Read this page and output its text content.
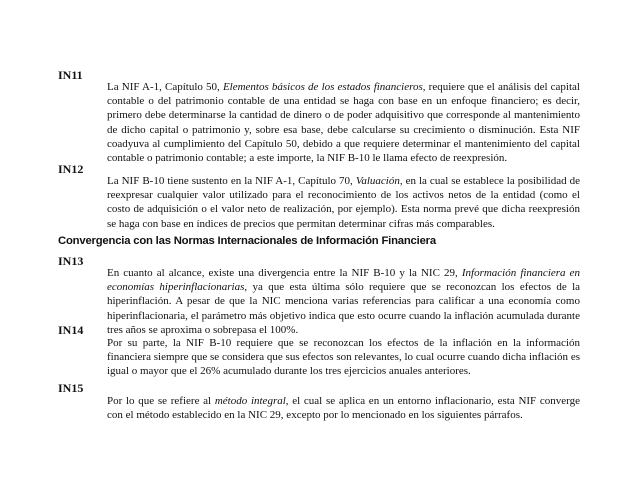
IN11
La NIF A-1, Capítulo 50, Elementos básicos de los estados financieros, requiere que el análisis del capital contable o del patrimonio contable de una entidad se haga con base en un enfoque financiero; es decir, primero debe determinarse la cantidad de dinero o de poder adquisitivo que corresponde al mantenimiento de dicho capital o patrimonio y, sobre esa base, debe calcularse su crecimiento o disminución. Esta NIF coadyuva al cumplimiento del Capítulo 50, debido a que requiere determinar el mantenimiento del capital contable o patrimonio contable; a este importe, la NIF B-10 le llama efecto de reexpresión.
IN12
La NIF B-10 tiene sustento en la NIF A-1, Capítulo 70, Valuación, en la cual se establece la posibilidad de reexpresar cualquier valor utilizado para el reconocimiento de los activos netos de la entidad (como el costo de adquisición o el valor neto de realización, por ejemplo). Esta norma prevé que dicha reexpresión se haga con base en índices de precios que permitan determinar cifras más comparables.
Convergencia con las Normas Internacionales de Información Financiera
IN13
En cuanto al alcance, existe una divergencia entre la NIF B-10 y la NIC 29, Información financiera en economías hiperinflacionarias, ya que esta última sólo requiere que se reconozcan los efectos de la hiperinflación. A pesar de que la NIC menciona varias referencias para calificar a una economía como hiperinflacionaria, el parámetro más objetivo indica que esto ocurre cuando la inflación acumulada durante tres años se aproxima o sobrepasa el 100%.
IN14
Por su parte, la NIF B-10 requiere que se reconozcan los efectos de la inflación en la información financiera siempre que se considera que sus efectos son relevantes, lo cual ocurre cuando dicha inflación es igual o mayor que el 26% acumulado durante los tres ejercicios anuales anteriores.
IN15
Por lo que se refiere al método integral, el cual se aplica en un entorno inflacionario, esta NIF converge con el método establecido en la NIC 29, excepto por lo mencionado en los siguientes párrafos.
